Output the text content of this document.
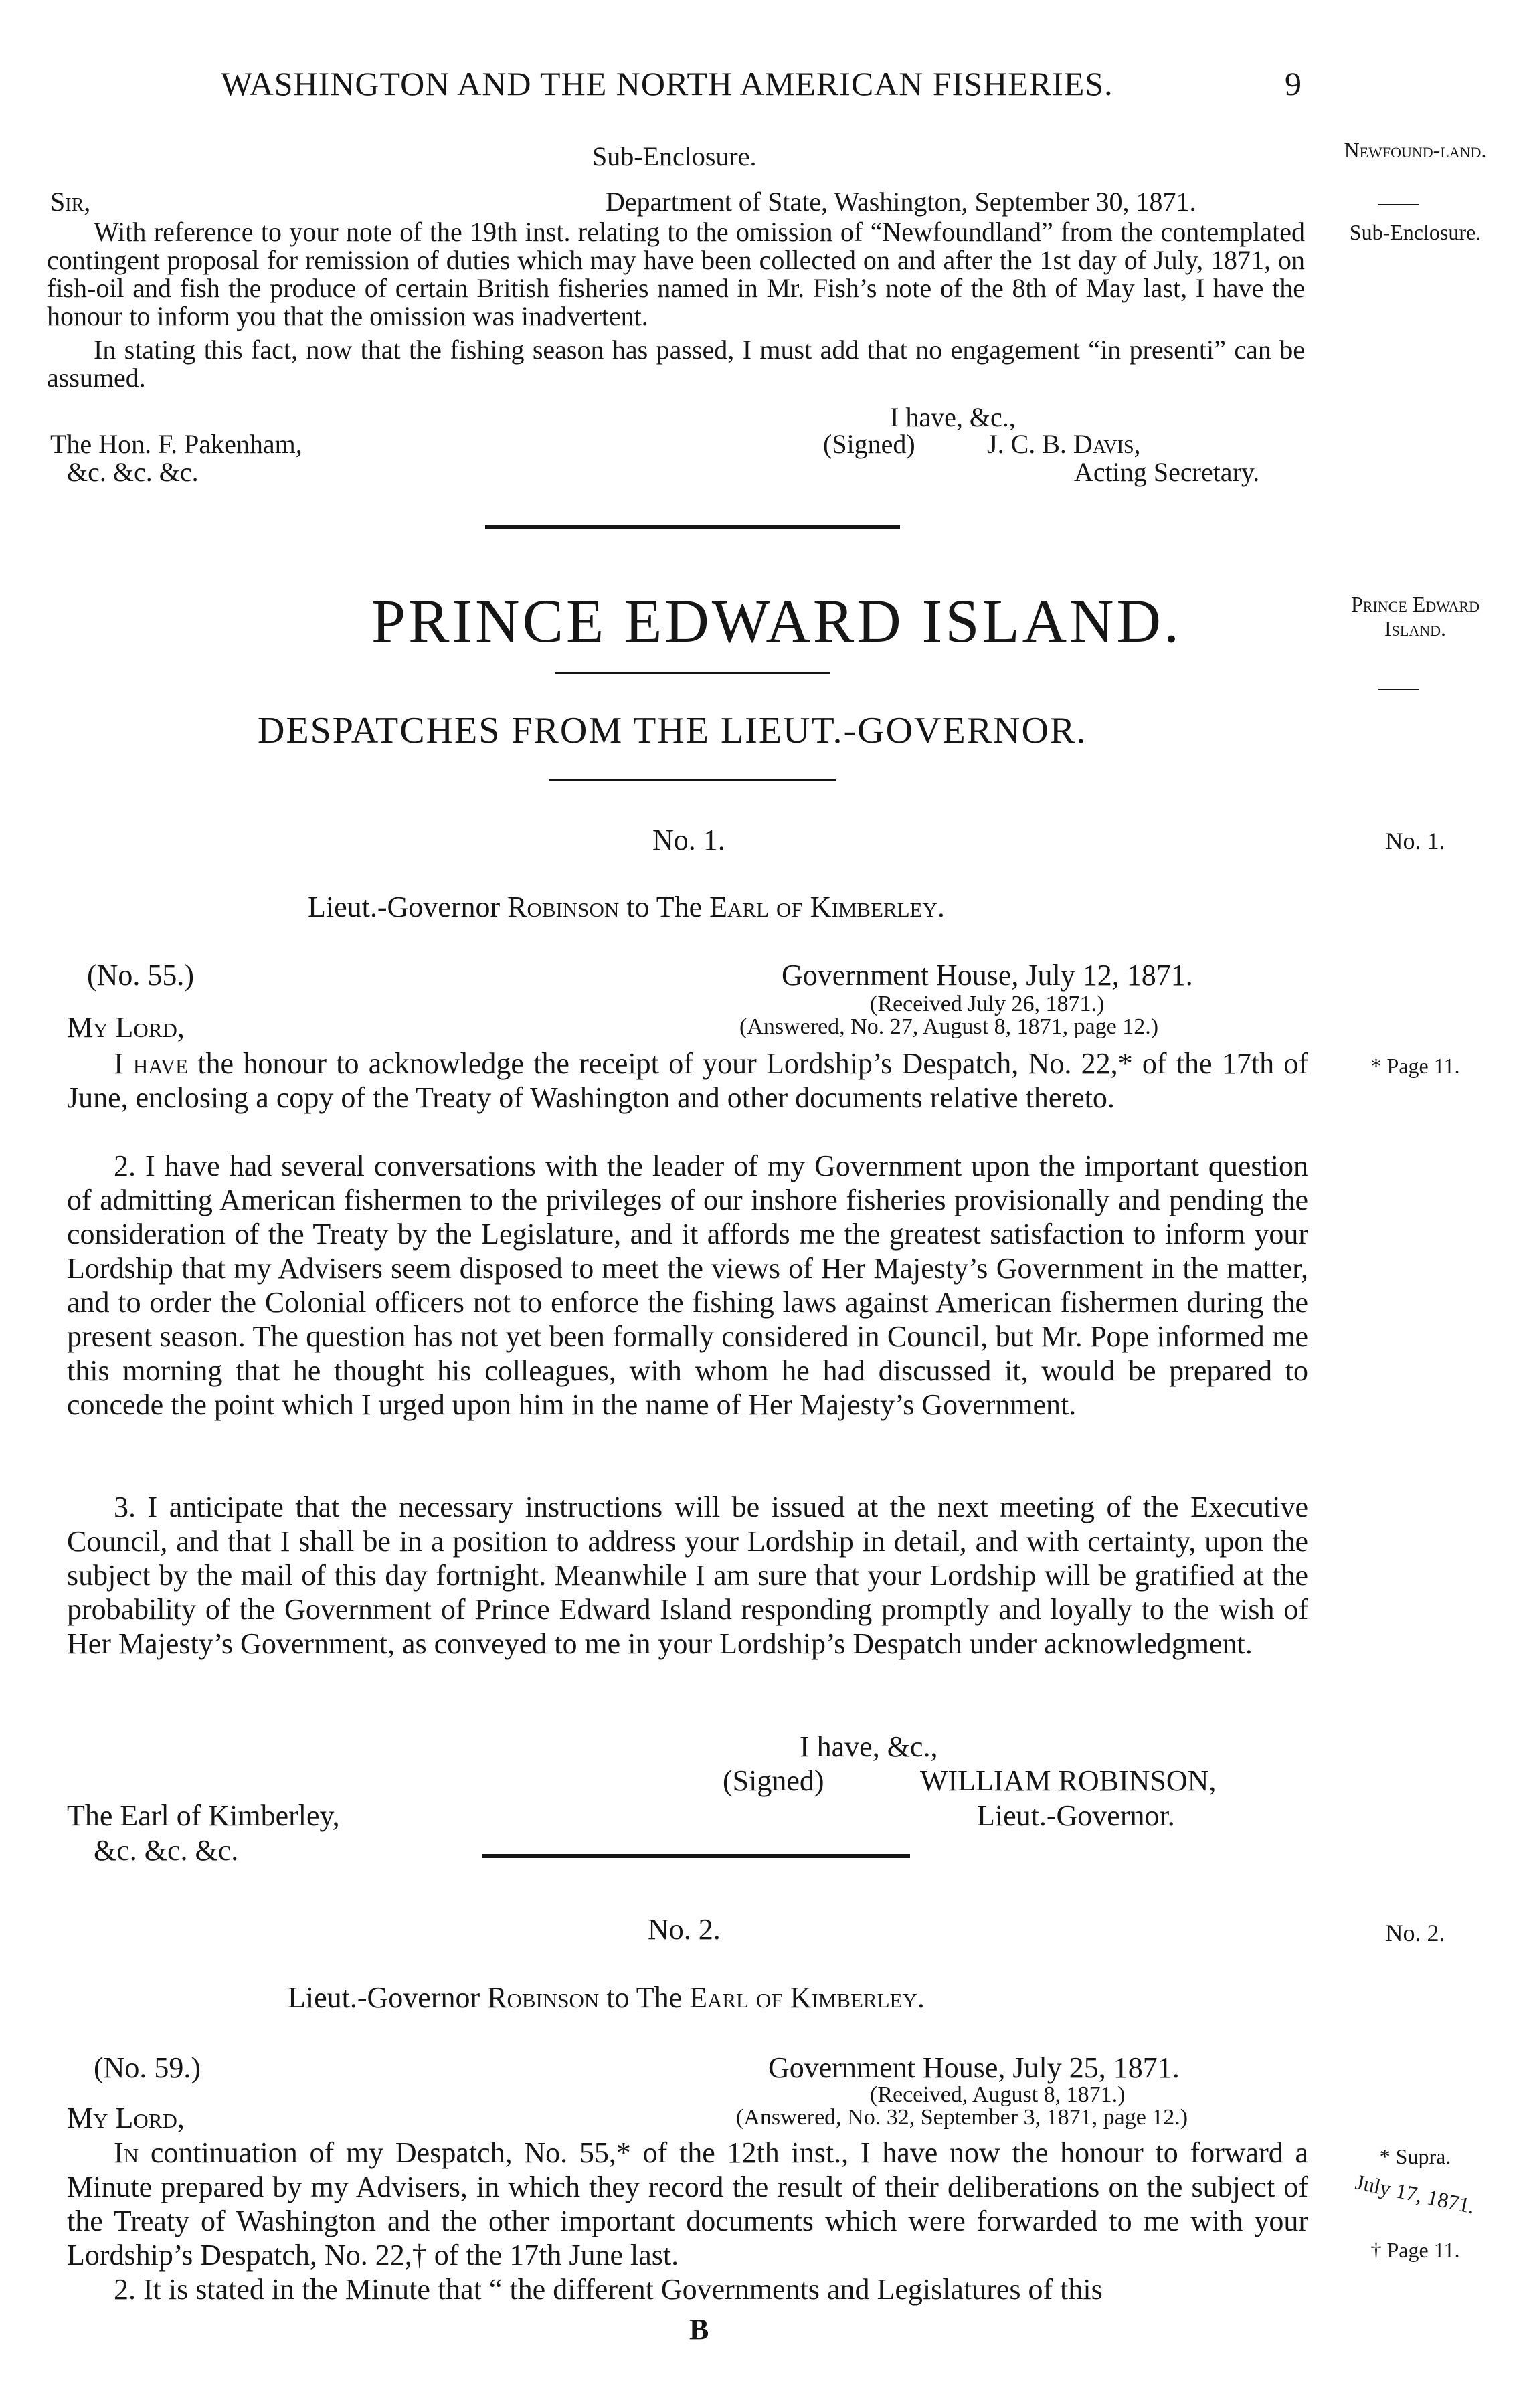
WASHINGTON AND THE NORTH AMERICAN FISHERIES.	9
Sub-Enclosure.
Sir,	Department of State, Washington, September 30, 1871.
With reference to your note of the 19th inst. relating to the omission of “Newfoundland” from the contemplated contingent proposal for remission of duties which may have been collected on and after the 1st day of July, 1871, on fish-oil and fish the produce of certain British fisheries named in Mr. Fish’s note of the 8th of May last, I have the honour to inform you that the omission was inadvertent.
In stating this fact, now that the fishing season has passed, I must add that no engagement “in presenti” can be assumed.
I have, &c.,
The Hon. F. Pakenham,	(Signed)	J. C. B. Davis,
&c. &c. &c.	Acting Secretary.
Newfound-land.
Sub-Enclosure.
PRINCE EDWARD ISLAND.	Prince Edward Island.
DESPATCHES FROM THE LIEUT.-GOVERNOR.
No. 1.	No. 1.
Lieut.-Governor Robinson to The Earl of Kimberley.
(No. 55.)	Government House, July 12, 1871.
(Received July 26, 1871.)
My Lord,	(Answered, No. 27, August 8, 1871, page 12.)
* Page 11.
I have the honour to acknowledge the receipt of your Lordship’s Despatch, No. 22,* of the 17th of June, enclosing a copy of the Treaty of Washington and other documents relative thereto.
2. I have had several conversations with the leader of my Government upon the important question of admitting American fishermen to the privileges of our inshore fisheries provisionally and pending the consideration of the Treaty by the Legislature, and it affords me the greatest satisfaction to inform your Lordship that my Advisers seem disposed to meet the views of Her Majesty’s Government in the matter, and to order the Colonial officers not to enforce the fishing laws against American fishermen during the present season. The question has not yet been formally considered in Council, but Mr. Pope informed me this morning that he thought his colleagues, with whom he had discussed it, would be prepared to concede the point which I urged upon him in the name of Her Majesty’s Government.
3. I anticipate that the necessary instructions will be issued at the next meeting of the Executive Council, and that I shall be in a position to address your Lordship in detail, and with certainty, upon the subject by the mail of this day fortnight. Meanwhile I am sure that your Lordship will be gratified at the probability of the Government of Prince Edward Island responding promptly and loyally to the wish of Her Majesty’s Government, as conveyed to me in your Lordship’s Despatch under acknowledgment.
I have, &c.,
(Signed)	WILLIAM ROBINSON,
The Earl of Kimberley,	Lieut.-Governor.
&c. &c. &c.
No. 2.	No. 2.
Lieut.-Governor Robinson to The Earl of Kimberley.
(No. 59.)	Government House, July 25, 1871.
(Received, August 8, 1871.)
My Lord,	(Answered, No. 32, September 3, 1871, page 12.)
* Supra.
July 17, 1871.
† Page 11.
In continuation of my Despatch, No. 55,* of the 12th inst., I have now the honour to forward a Minute prepared by my Advisers, in which they record the result of their deliberations on the subject of the Treaty of Washington and the other important documents which were forwarded to me with your Lordship’s Despatch, No. 22,† of the 17th June last.
2. It is stated in the Minute that “ the different Governments and Legislatures of this
B
